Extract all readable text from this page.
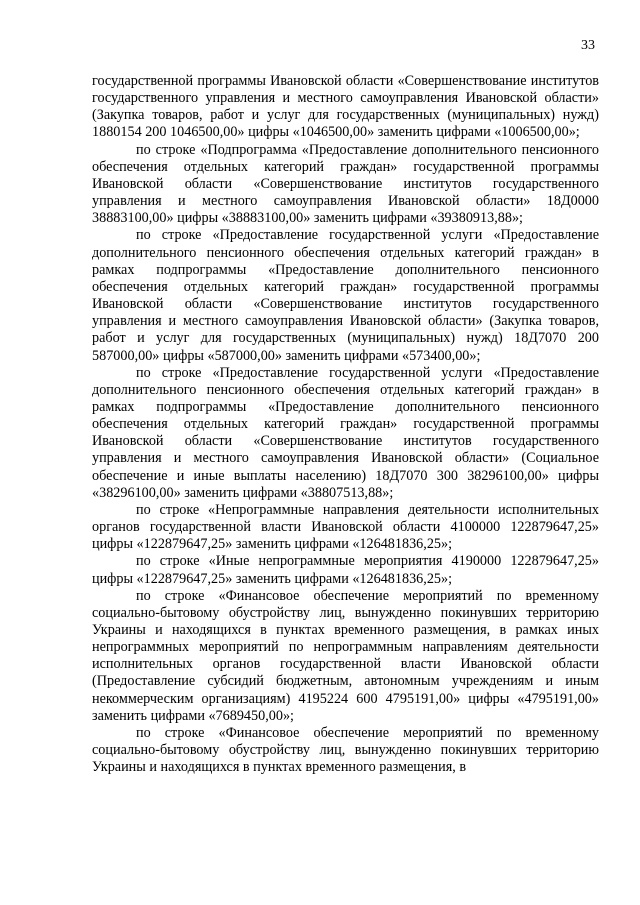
33

государственной программы Ивановской области «Совершенствование институтов государственного управления и местного самоуправления Ивановской области» (Закупка товаров, работ и услуг для государственных (муниципальных) нужд) 1880154 200 1046500,00» цифры «1046500,00» заменить цифрами «1006500,00»;

по строке «Подпрограмма «Предоставление дополнительного пенсионного обеспечения отдельных категорий граждан» государственной программы Ивановской области «Совершенствование институтов государственного управления и местного самоуправления Ивановской области» 18Д0000 38883100,00» цифры «38883100,00» заменить цифрами «39380913,88»;

по строке «Предоставление государственной услуги «Предоставление дополнительного пенсионного обеспечения отдельных категорий граждан» в рамках подпрограммы «Предоставление дополнительного пенсионного обеспечения отдельных категорий граждан» государственной программы Ивановской области «Совершенствование институтов государственного управления и местного самоуправления Ивановской области» (Закупка товаров, работ и услуг для государственных (муниципальных) нужд) 18Д7070 200 587000,00» цифры «587000,00» заменить цифрами «573400,00»;

по строке «Предоставление государственной услуги «Предоставление дополнительного пенсионного обеспечения отдельных категорий граждан» в рамках подпрограммы «Предоставление дополнительного пенсионного обеспечения отдельных категорий граждан» государственной программы Ивановской области «Совершенствование институтов государственного управления и местного самоуправления Ивановской области» (Социальное обеспечение и иные выплаты населению) 18Д7070 300 38296100,00» цифры «38296100,00» заменить цифрами «38807513,88»;

по строке «Непрограммные направления деятельности исполнительных органов государственной власти Ивановской области 4100000 122879647,25» цифры «122879647,25» заменить цифрами «126481836,25»;

по строке «Иные непрограммные мероприятия 4190000 122879647,25» цифры «122879647,25» заменить цифрами «126481836,25»;

по строке «Финансовое обеспечение мероприятий по временному социально-бытовому обустройству лиц, вынужденно покинувших территорию Украины и находящихся в пунктах временного размещения, в рамках иных непрограммных мероприятий по непрограммным направлениям деятельности исполнительных органов государственной власти Ивановской области (Предоставление субсидий бюджетным, автономным учреждениям и иным некоммерческим организациям) 4195224 600 4795191,00» цифры «4795191,00» заменить цифрами «7689450,00»;

по строке «Финансовое обеспечение мероприятий по временному социально-бытовому обустройству лиц, вынужденно покинувших территорию Украины и находящихся в пунктах временного размещения, в
